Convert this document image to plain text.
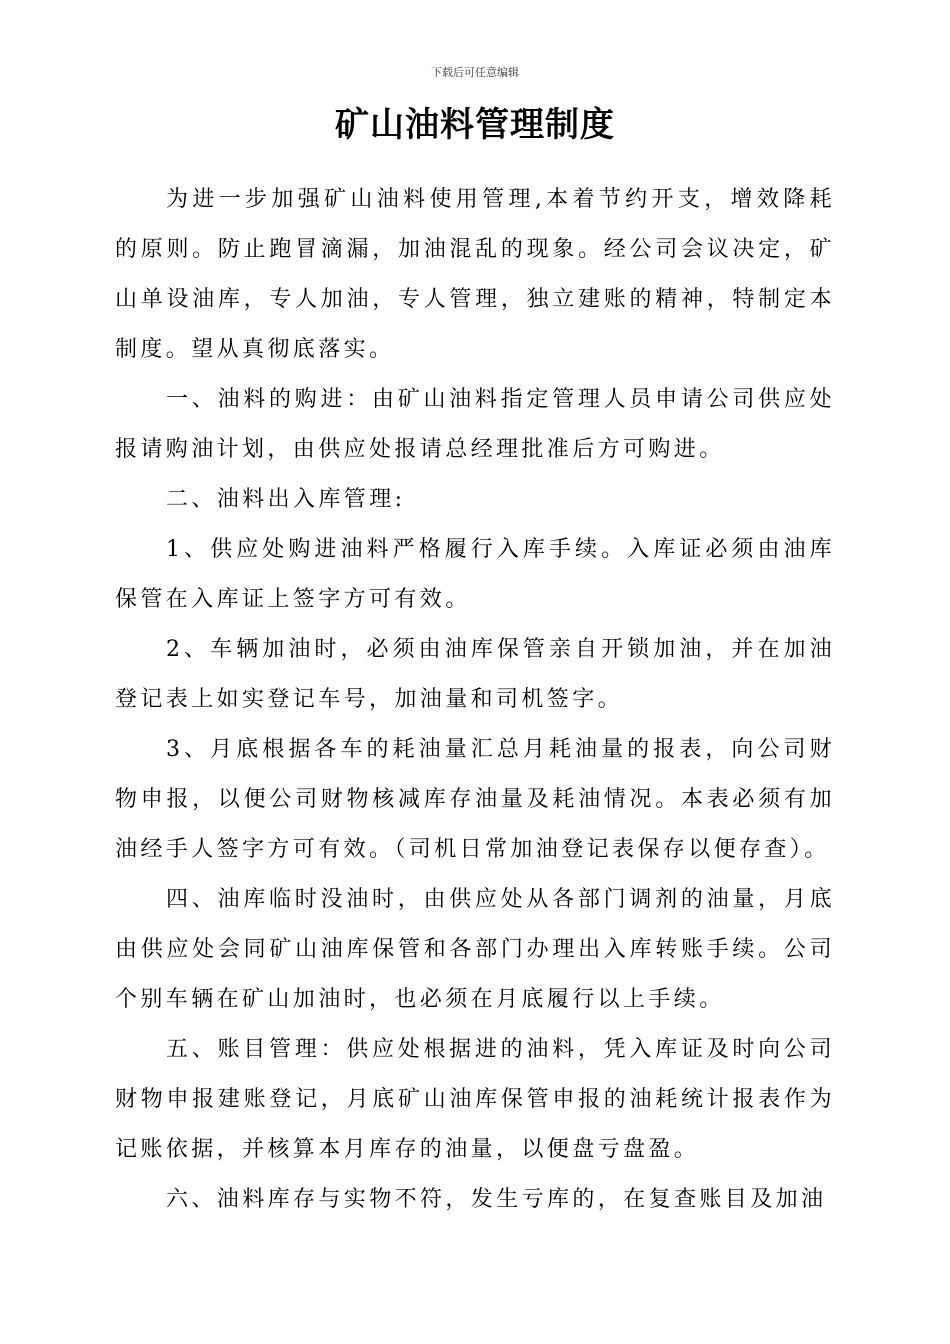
下载后可任意编辑
矿山油料管理制度

为进一步加强矿山油料使用管理,本着节约开支，增效降耗的原则。防止跑冒滴漏，加油混乱的现象。经公司会议决定，矿山单设油库，专人加油，专人管理，独立建账的精神，特制定本制度。望从真彻底落实。

一、油料的购进：由矿山油料指定管理人员申请公司供应处报请购油计划，由供应处报请总经理批准后方可购进。

二、油料出入库管理:

1、供应处购进油料严格履行入库手续。入库证必须由油库保管在入库证上签字方可有效。

2、车辆加油时，必须由油库保管亲自开锁加油，并在加油登记表上如实登记车号，加油量和司机签字。

3、月底根据各车的耗油量汇总月耗油量的报表，向公司财物申报，以便公司财物核减库存油量及耗油情况。本表必须有加油经手人签字方可有效。（司机日常加油登记表保存以便存查）。

四、油库临时没油时，由供应处从各部门调剂的油量，月底由供应处会同矿山油库保管和各部门办理出入库转账手续。公司个别车辆在矿山加油时，也必须在月底履行以上手续。

五、账目管理：供应处根据进的油料，凭入库证及时向公司财物申报建账登记，月底矿山油库保管申报的油耗统计报表作为记账依据，并核算本月库存的油量，以便盘亏盘盈。

六、油料库存与实物不符，发生亏库的，在复查账目及加油
